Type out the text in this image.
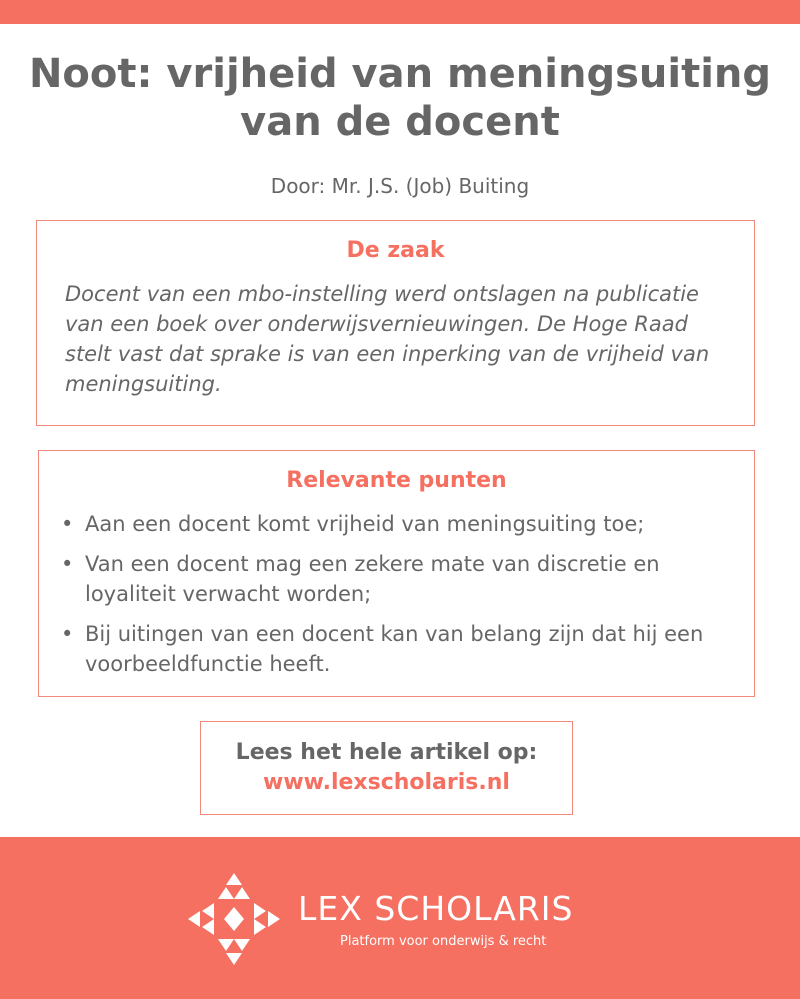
Noot: vrijheid van meningsuiting
van de docent
Door: Mr. J.S. (Job) Buiting
De zaak
Docent van een mbo-instelling werd ontslagen na publicatie van een boek over onderwijsvernieuwingen. De Hoge Raad stelt vast dat sprake is van een inperking van de vrijheid van meningsuiting.
Relevante punten
• Aan een docent komt vrijheid van meningsuiting toe;
• Van een docent mag een zekere mate van discretie en loyaliteit verwacht worden;
• Bij uitingen van een docent kan van belang zijn dat hij een voorbeeldfunctie heeft.
Lees het hele artikel op:
www.lexscholaris.nl
LEX SCHOLARIS
Platform voor onderwijs & recht
